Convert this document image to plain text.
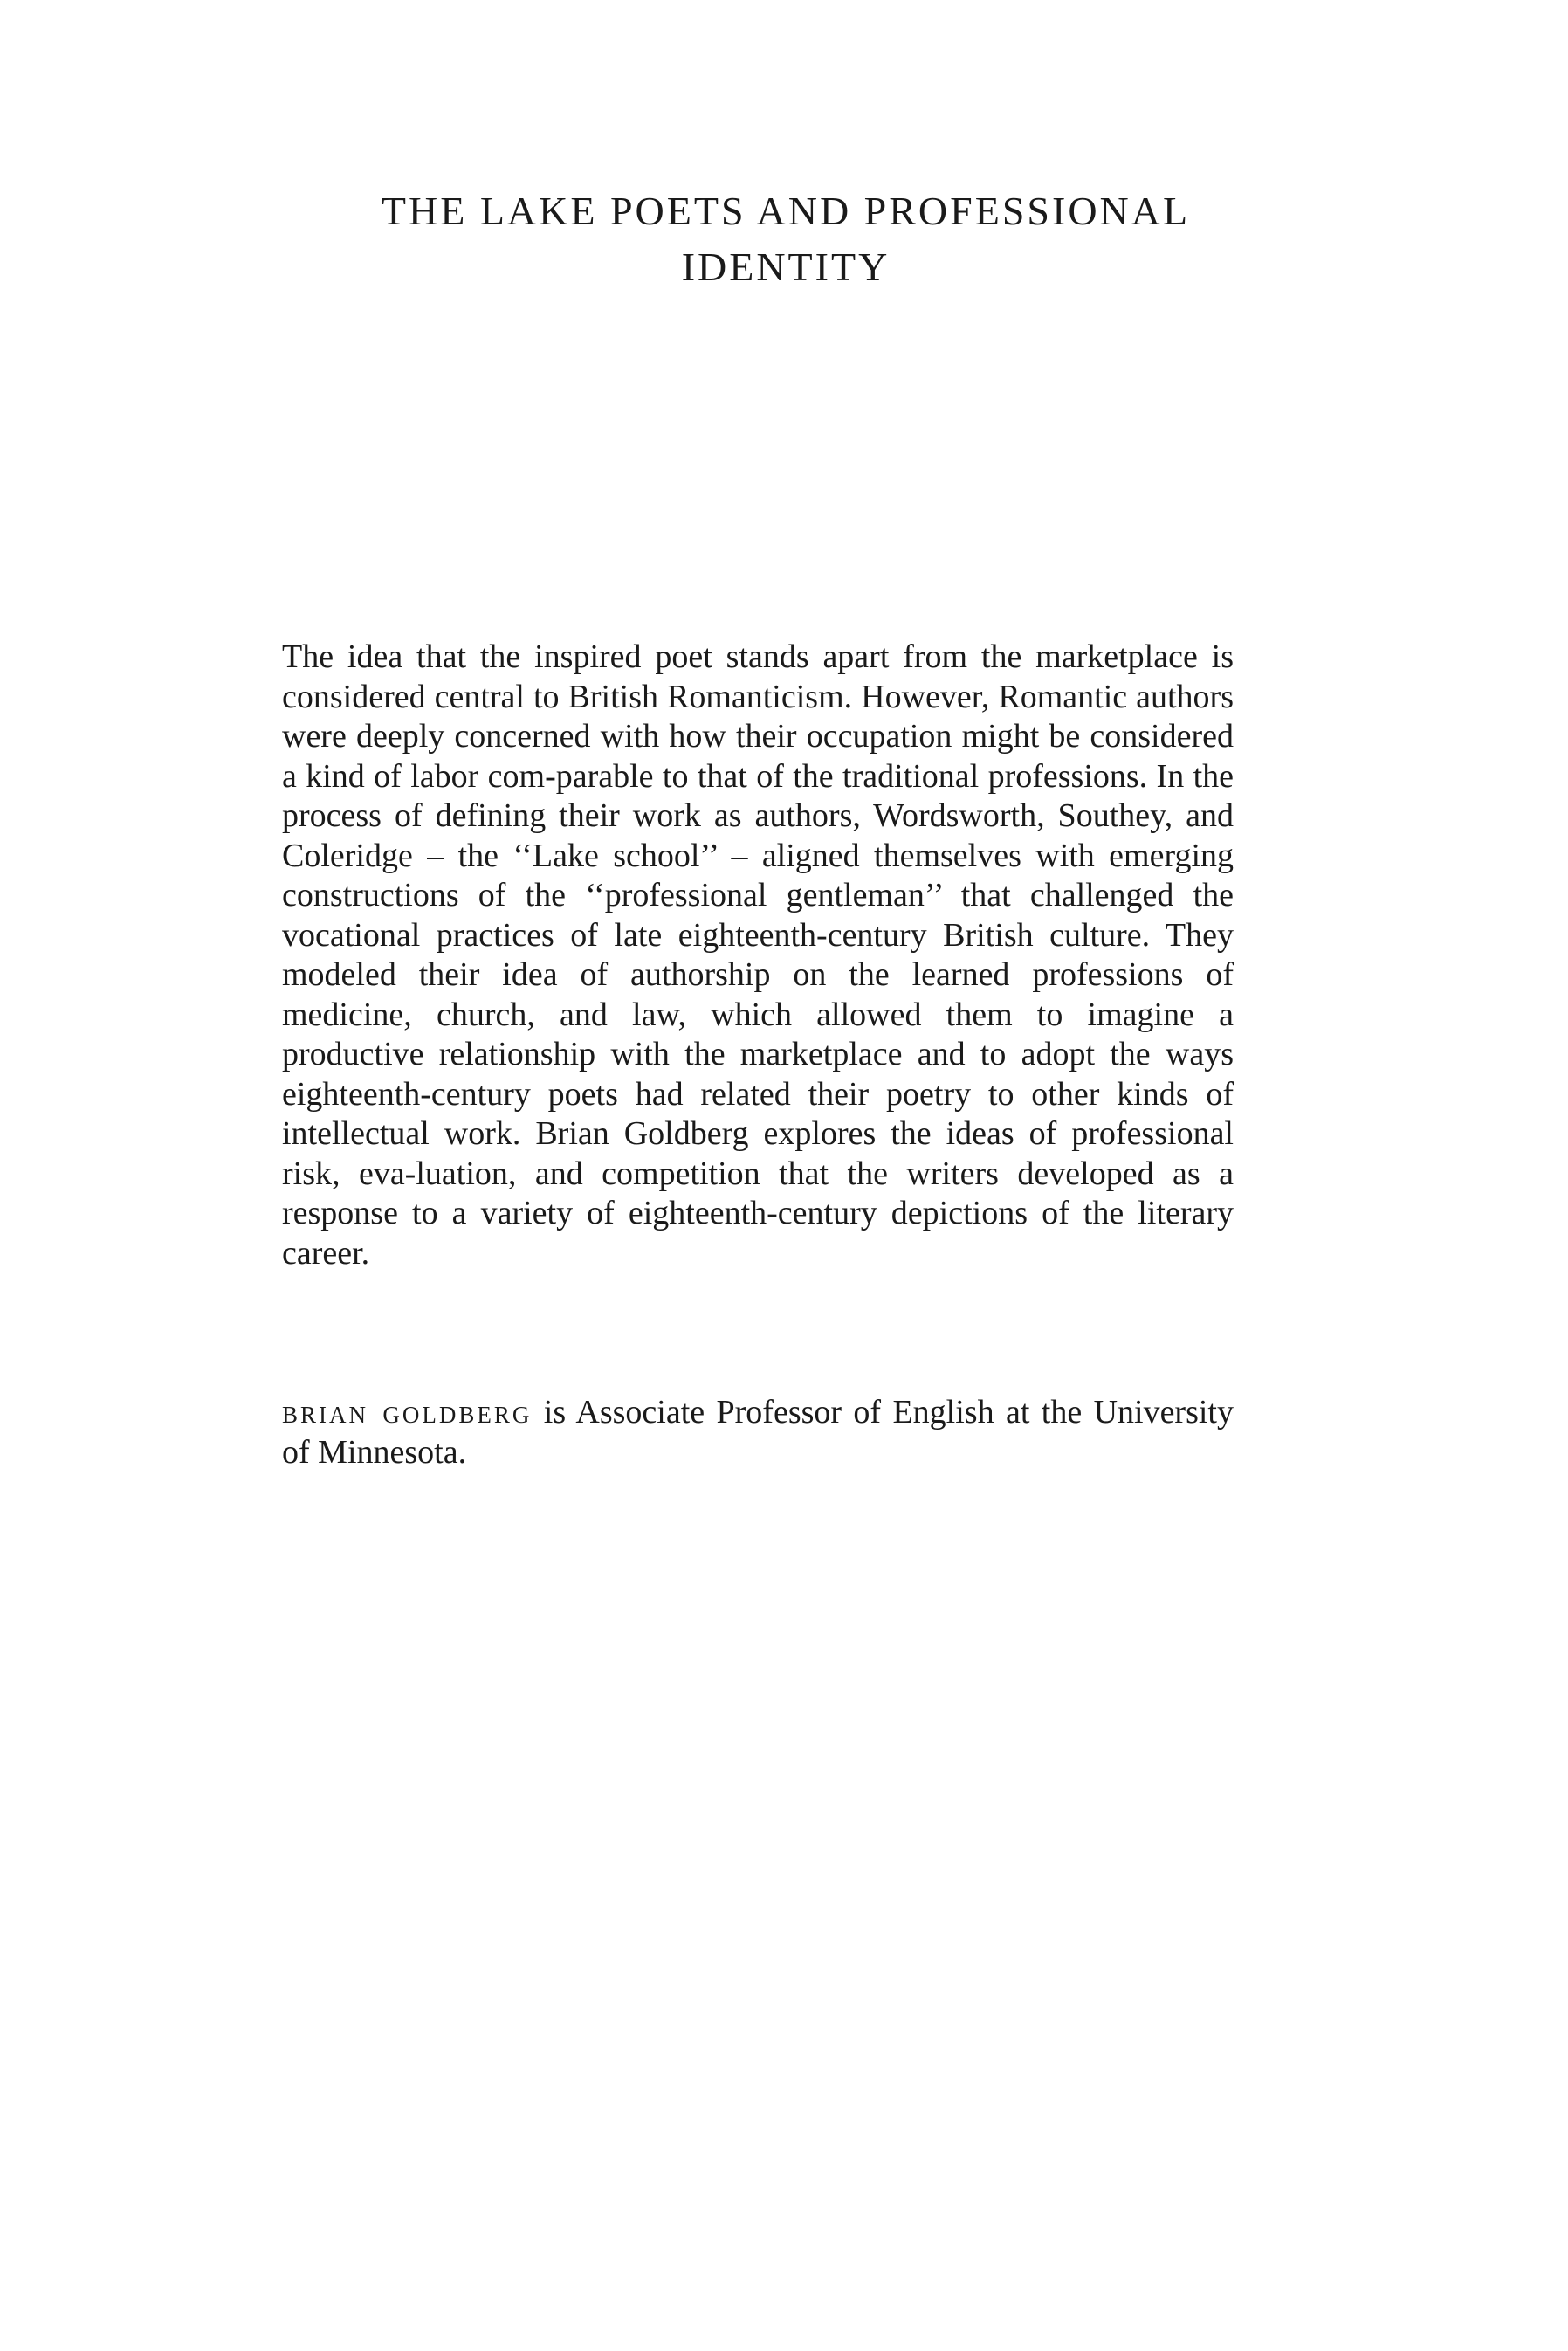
THE LAKE POETS AND PROFESSIONAL
IDENTITY

The idea that the inspired poet stands apart from the marketplace is considered central to British Romanticism. However, Romantic authors were deeply concerned with how their occupation might be considered a kind of labor com-parable to that of the traditional professions. In the process of defining their work as authors, Wordsworth, Southey, and Coleridge – the ‘‘Lake school’’ – aligned themselves with emerging constructions of the ‘‘professional gentleman’’ that challenged the vocational practices of late eighteenth-century British culture. They modeled their idea of authorship on the learned professions of medicine, church, and law, which allowed them to imagine a productive relationship with the marketplace and to adopt the ways eighteenth-century poets had related their poetry to other kinds of intellectual work. Brian Goldberg explores the ideas of professional risk, eva-luation, and competition that the writers developed as a response to a variety of eighteenth-century depictions of the literary career.

brian goldberg is Associate Professor of English at the University of Minnesota.
